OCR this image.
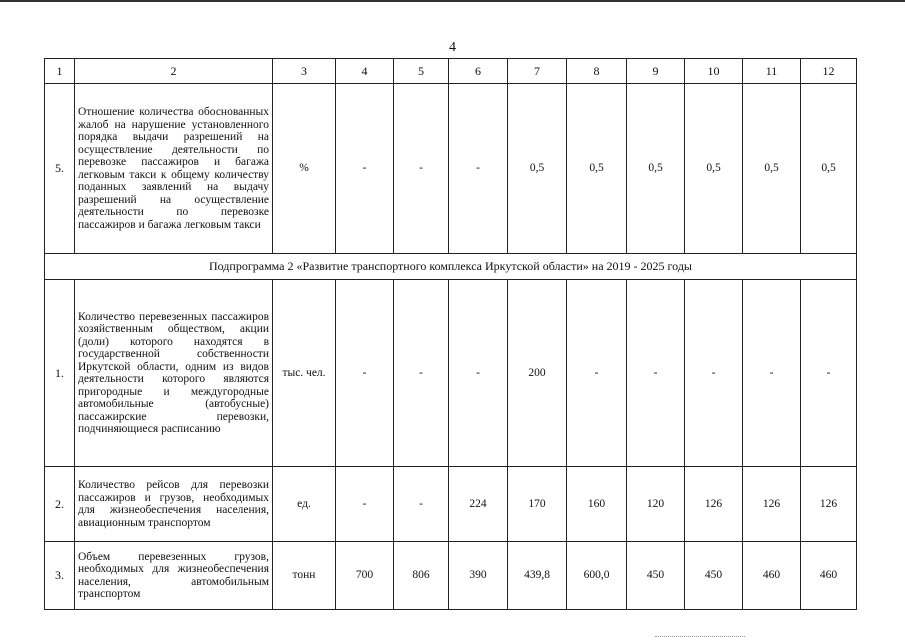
4
1	2	3	4	5	6	7	8	9	10	11	12
5.	Отношение количества обоснованных жалоб на нарушение установленного порядка выдачи разрешений на осуществление деятельности по перевозке пассажиров и багажа легковым такси к общему количеству поданных заявлений на выдачу разрешений на осуществление деятельности по перевозке пассажиров и багажа легковым такси	%	-	-	-	0,5	0,5	0,5	0,5	0,5	0,5
Подпрограмма 2 «Развитие транспортного комплекса Иркутской области» на 2019 - 2025 годы											
1.	Количество перевезенных пассажиров хозяйственным обществом, акции (доли) которого находятся в государственной собственности Иркутской области, одним из видов деятельности которого являются пригородные и междугородные автомобильные (автобусные) пассажирские перевозки, подчиняющиеся расписанию	тыс. чел.	-	-	-	200	-	-	-	-	-
2.	Количество рейсов для перевозки пассажиров и грузов, необходимых для жизнеобеспечения населения, авиационным транспортом	ед.	-	-	224	170	160	120	126	126	126
3.	Объем перевезенных грузов, необходимых для жизнеобеспечения населения, автомобильным транспортом	тонн	700	806	390	439,8	600,0	450	450	460	460
